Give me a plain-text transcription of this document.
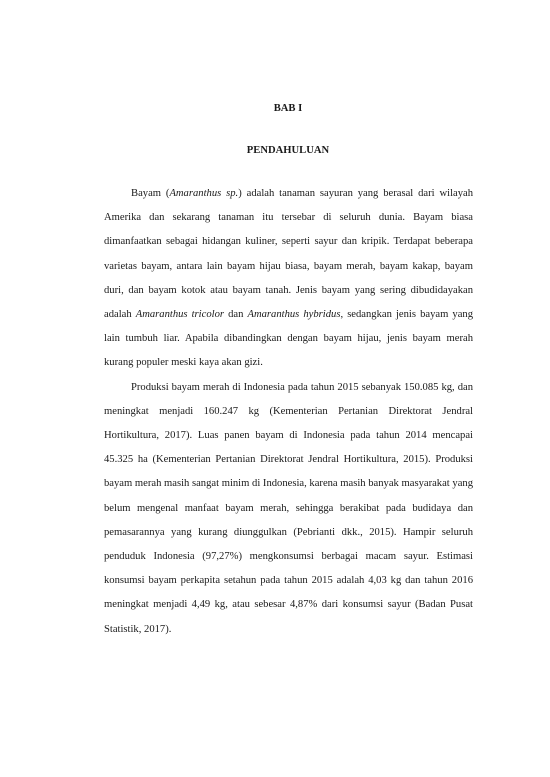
BAB I
PENDAHULUAN

Bayam (Amaranthus sp.) adalah tanaman sayuran yang berasal dari wilayah Amerika dan sekarang tanaman itu tersebar di seluruh dunia. Bayam biasa dimanfaatkan sebagai hidangan kuliner, seperti sayur dan kripik. Terdapat beberapa varietas bayam, antara lain bayam hijau biasa, bayam merah, bayam kakap, bayam duri, dan bayam kotok atau bayam tanah. Jenis bayam yang sering dibudidayakan adalah Amaranthus tricolor dan Amaranthus hybridus, sedangkan jenis bayam yang lain tumbuh liar. Apabila dibandingkan dengan bayam hijau, jenis bayam merah kurang populer meski kaya akan gizi.

Produksi bayam merah di Indonesia pada tahun 2015 sebanyak 150.085 kg, dan meningkat menjadi 160.247 kg (Kementerian Pertanian Direktorat Jendral Hortikultura, 2017). Luas panen bayam di Indonesia pada tahun 2014 mencapai 45.325 ha (Kementerian Pertanian Direktorat Jendral Hortikultura, 2015). Produksi bayam merah masih sangat minim di Indonesia, karena masih banyak masyarakat yang belum mengenal manfaat bayam merah, sehingga berakibat pada budidaya dan pemasarannya yang kurang diunggulkan (Pebrianti dkk., 2015). Hampir seluruh penduduk Indonesia (97,27%) mengkonsumsi berbagai macam sayur. Estimasi konsumsi bayam perkapita setahun pada tahun 2015 adalah 4,03 kg dan tahun 2016 meningkat menjadi 4,49 kg, atau sebesar 4,87% dari konsumsi sayur (Badan Pusat Statistik, 2017).
